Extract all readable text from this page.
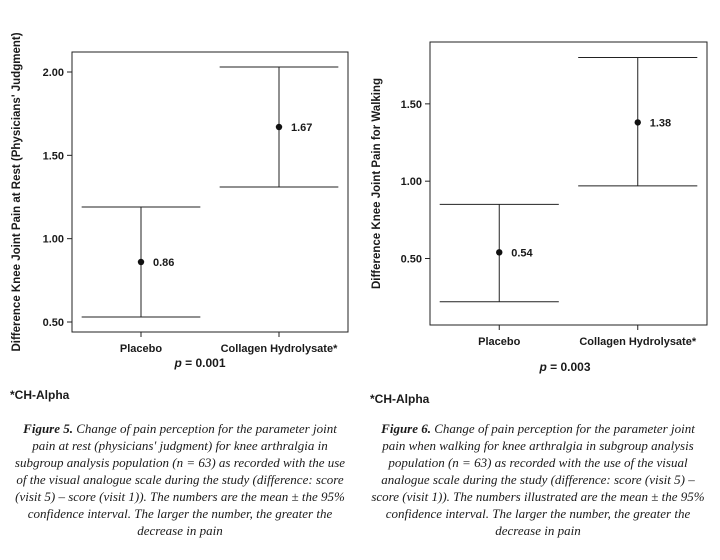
0.50
1.00
1.50
2.00
Placebo	Collagen Hydrolysate*
0.86
1.67
Difference Knee Joint Pain at Rest (Physicians' Judgment)	0.50
1.00
1.50
Placebo	Collagen Hydrolysate*
0.54
1.38
Difference Knee Joint Pain for Walking
p = 0.001	p = 0.003
*CH-Alpha	*CH-Alpha
Figure 5. Change of pain perception for the parameter joint pain at rest (physicians' judgment) for knee arthralgia in subgroup analysis population (n = 63) as recorded with the use of the visual analogue scale during the study (difference: score (visit 5) – score (visit 1)). The numbers are the mean ± the 95% confidence interval. The larger the number, the greater the decrease in pain
Figure 6. Change of pain perception for the parameter joint pain when walking for knee arthralgia in subgroup analysis population (n = 63) as recorded with the use of the visual analogue scale during the study (difference: score (visit 5) – score (visit 1)). The numbers illustrated are the mean ± the 95% confidence interval. The larger the number, the greater the decrease in pain
